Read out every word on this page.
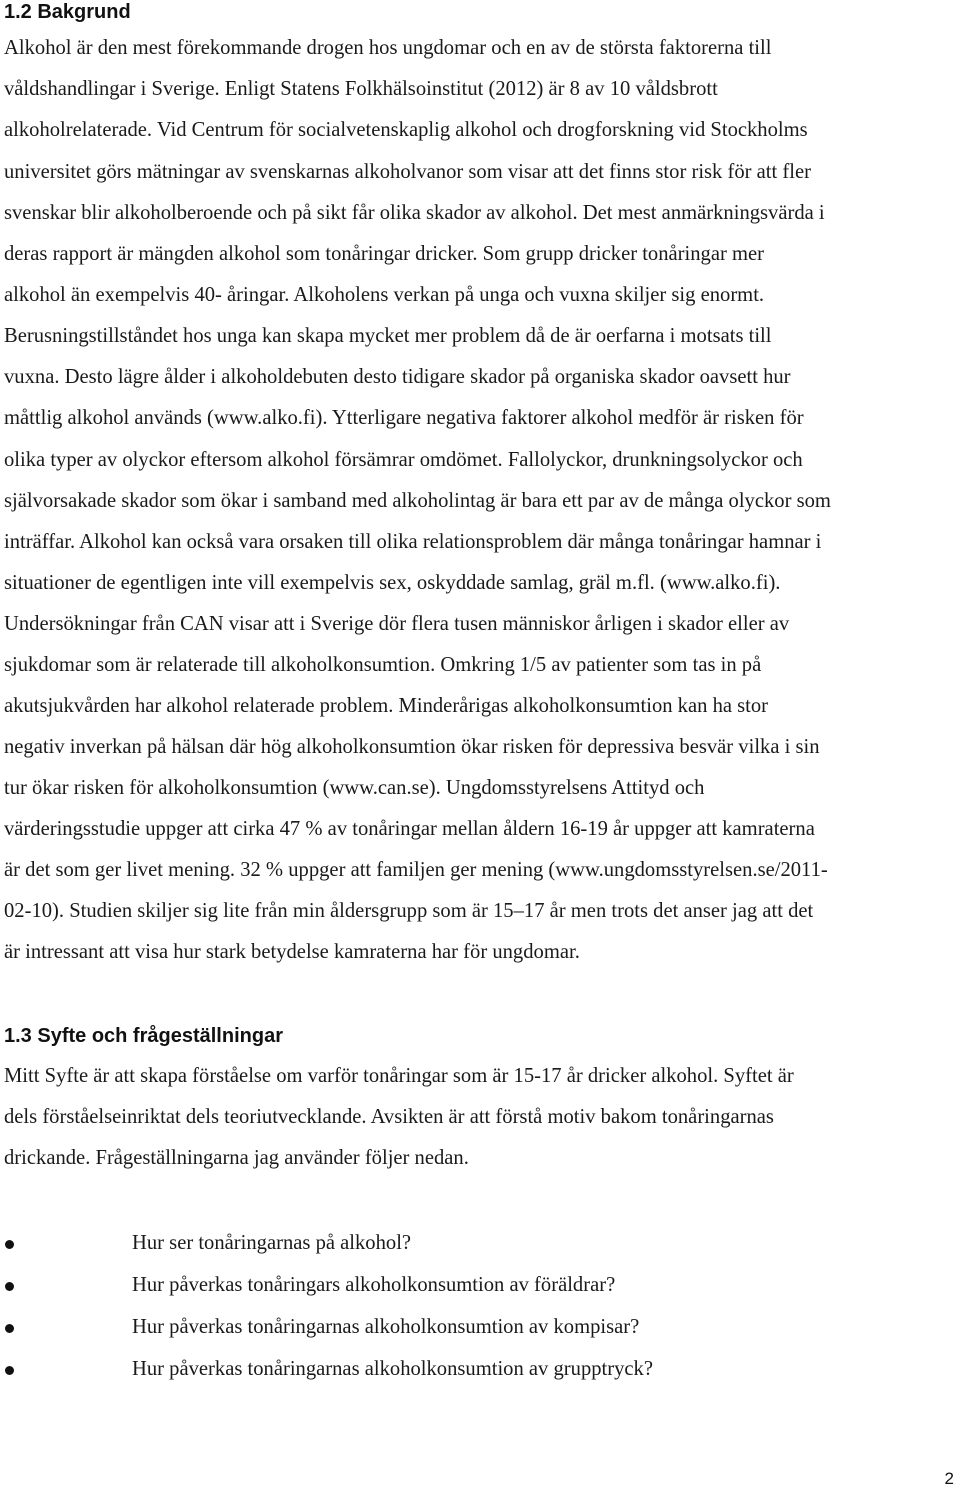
1.2 Bakgrund
Alkohol är den mest förekommande drogen hos ungdomar och en av de största faktorerna till
våldshandlingar i Sverige. Enligt Statens Folkhälsoinstitut (2012) är 8 av 10 våldsbrott
alkoholrelaterade. Vid Centrum för socialvetenskaplig alkohol och drogforskning vid Stockholms
universitet görs mätningar av svenskarnas alkoholvanor som visar att det finns stor risk för att fler
svenskar blir alkoholberoende och på sikt får olika skador av alkohol. Det mest anmärkningsvärda i
deras rapport är mängden alkohol som tonåringar dricker. Som grupp dricker tonåringar mer
alkohol än exempelvis 40- åringar. Alkoholens verkan på unga och vuxna skiljer sig enormt.
Berusningstillståndet hos unga kan skapa mycket mer problem då de är oerfarna i motsats till
vuxna. Desto lägre ålder i alkoholdebuten desto tidigare skador på organiska skador oavsett hur
måttlig alkohol används (www.alko.fi). Ytterligare negativa faktorer alkohol medför är risken för
olika typer av olyckor eftersom alkohol försämrar omdömet. Fallolyckor, drunkningsolyckor och
självorsakade skador som ökar i samband med alkoholintag är bara ett par av de många olyckor som
inträffar. Alkohol kan också vara orsaken till olika relationsproblem där många tonåringar hamnar i
situationer de egentligen inte vill exempelvis sex, oskyddade samlag, gräl m.fl. (www.alko.fi).
Undersökningar från CAN visar att i Sverige dör flera tusen människor årligen i skador eller av
sjukdomar som är relaterade till alkoholkonsumtion. Omkring 1/5 av patienter som tas in på
akutsjukvården har alkohol relaterade problem. Minderårigas alkoholkonsumtion kan ha stor
negativ inverkan på hälsan där hög alkoholkonsumtion ökar risken för depressiva besvär vilka i sin
tur ökar risken för alkoholkonsumtion (www.can.se). Ungdomsstyrelsens Attityd och
värderingsstudie uppger att cirka 47 % av tonåringar mellan åldern 16-19 år uppger att kamraterna
är det som ger livet mening. 32 % uppger att familjen ger mening (www.ungdomsstyrelsen.se/2011-
02-10). Studien skiljer sig lite från min åldersgrupp som är 15–17 år men trots det anser jag att det
är intressant att visa hur stark betydelse kamraterna har för ungdomar.
1.3 Syfte och frågeställningar
Mitt Syfte är att skapa förståelse om varför tonåringar som är 15-17 år dricker alkohol. Syftet är
dels förståelseinriktat dels teoriutvecklande. Avsikten är att förstå motiv bakom tonåringarnas
drickande. Frågeställningarna jag använder följer nedan.
Hur ser tonåringarnas på alkohol?
Hur påverkas tonåringars alkoholkonsumtion av föräldrar?
Hur påverkas tonåringarnas alkoholkonsumtion av kompisar?
Hur påverkas tonåringarnas alkoholkonsumtion av grupptryck?
2
